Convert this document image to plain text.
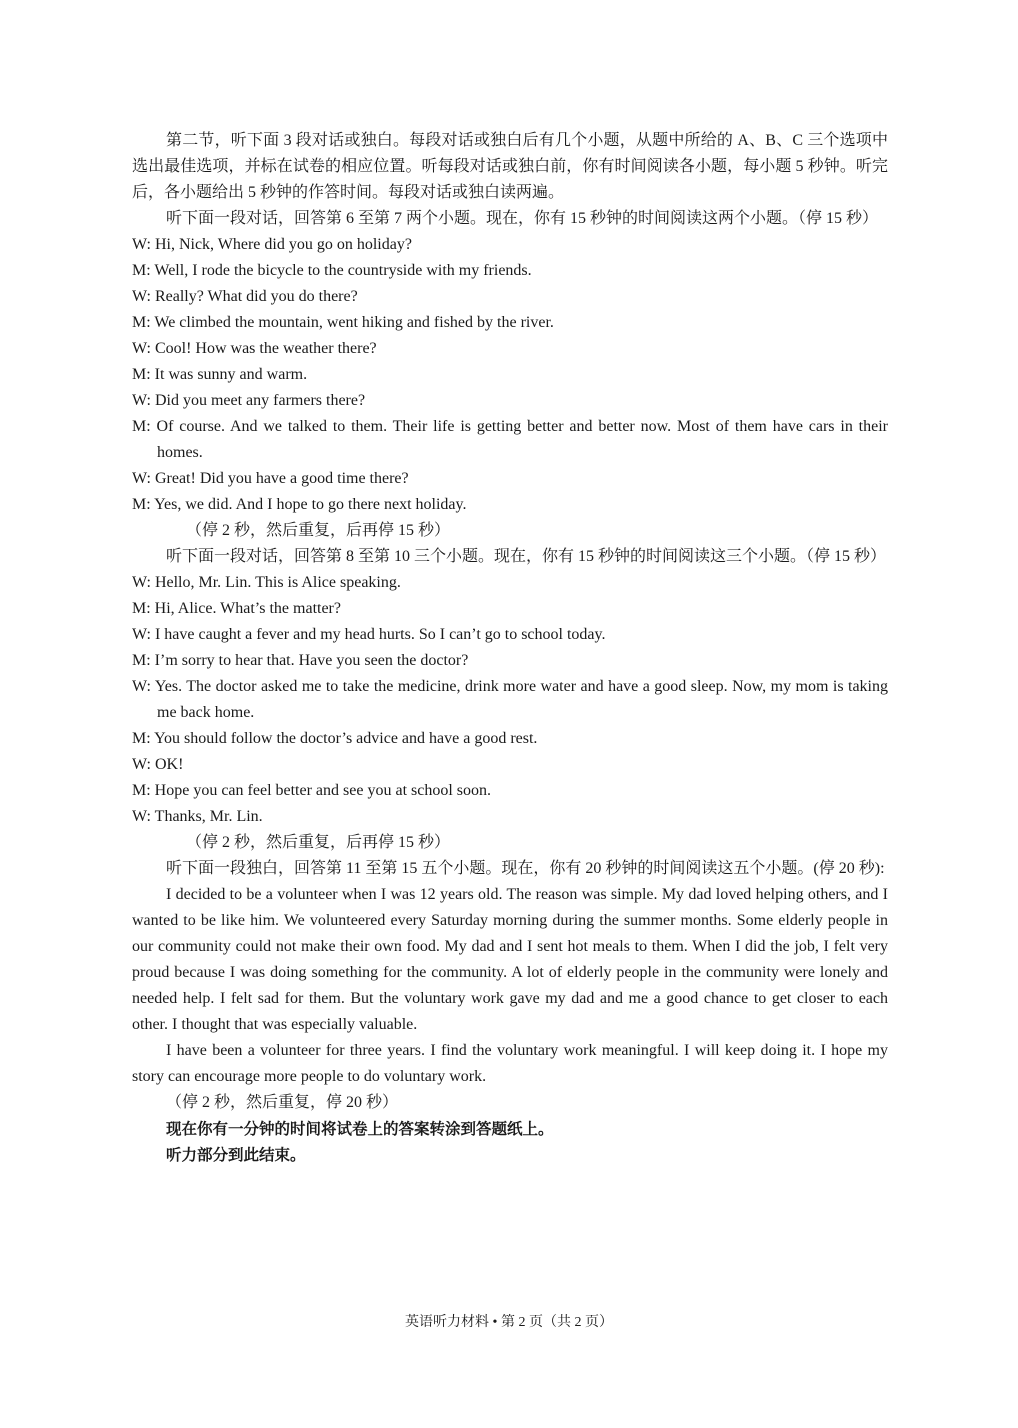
第二节，听下面 3 段对话或独白。每段对话或独白后有几个小题，从题中所给的 A、B、C 三个选项中选出最佳选项，并标在试卷的相应位置。听每段对话或独白前，你有时间阅读各小题，每小题 5 秒钟。听完后，各小题给出 5 秒钟的作答时间。每段对话或独白读两遍。

听下面一段对话，回答第 6 至第 7 两个小题。现在，你有 15 秒钟的时间阅读这两个小题。（停 15 秒）

W: Hi, Nick, Where did you go on holiday?

M: Well, I rode the bicycle to the countryside with my friends.

W: Really? What did you do there?

M: We climbed the mountain, went hiking and fished by the river.

W: Cool! How was the weather there?

M: It was sunny and warm.

W: Did you meet any farmers there?

M: Of course. And we talked to them. Their life is getting better and better now. Most of them have cars in their homes.

W: Great! Did you have a good time there?

M: Yes, we did. And I hope to go there next holiday.

（停 2 秒，然后重复，后再停 15 秒）

听下面一段对话，回答第 8 至第 10 三个小题。现在，你有 15 秒钟的时间阅读这三个小题。（停 15 秒）

W: Hello, Mr. Lin. This is Alice speaking.

M: Hi, Alice. What’s the matter?

W: I have caught a fever and my head hurts. So I can’t go to school today.

M: I’m sorry to hear that. Have you seen the doctor?

W: Yes. The doctor asked me to take the medicine, drink more water and have a good sleep. Now, my mom is taking me back home.

M: You should follow the doctor’s advice and have a good rest.

W: OK!

M: Hope you can feel better and see you at school soon.

W: Thanks, Mr. Lin.

（停 2 秒，然后重复，后再停 15 秒）

听下面一段独白，回答第 11 至第 15 五个小题。现在，你有 20 秒钟的时间阅读这五个小题。(停 20 秒):

I decided to be a volunteer when I was 12 years old. The reason was simple. My dad loved helping others, and I wanted to be like him. We volunteered every Saturday morning during the summer months. Some elderly people in our community could not make their own food. My dad and I sent hot meals to them. When I did the job, I felt very proud because I was doing something for the community. A lot of elderly people in the community were lonely and needed help. I felt sad for them. But the voluntary work gave my dad and me a good chance to get closer to each other. I thought that was especially valuable.

I have been a volunteer for three years. I find the voluntary work meaningful. I will keep doing it. I hope my story can encourage more people to do voluntary work.

（停 2 秒，然后重复，停 20 秒）

现在你有一分钟的时间将试卷上的答案转涂到答题纸上。

听力部分到此结束。

英语听力材料 • 第 2 页（共 2 页）
